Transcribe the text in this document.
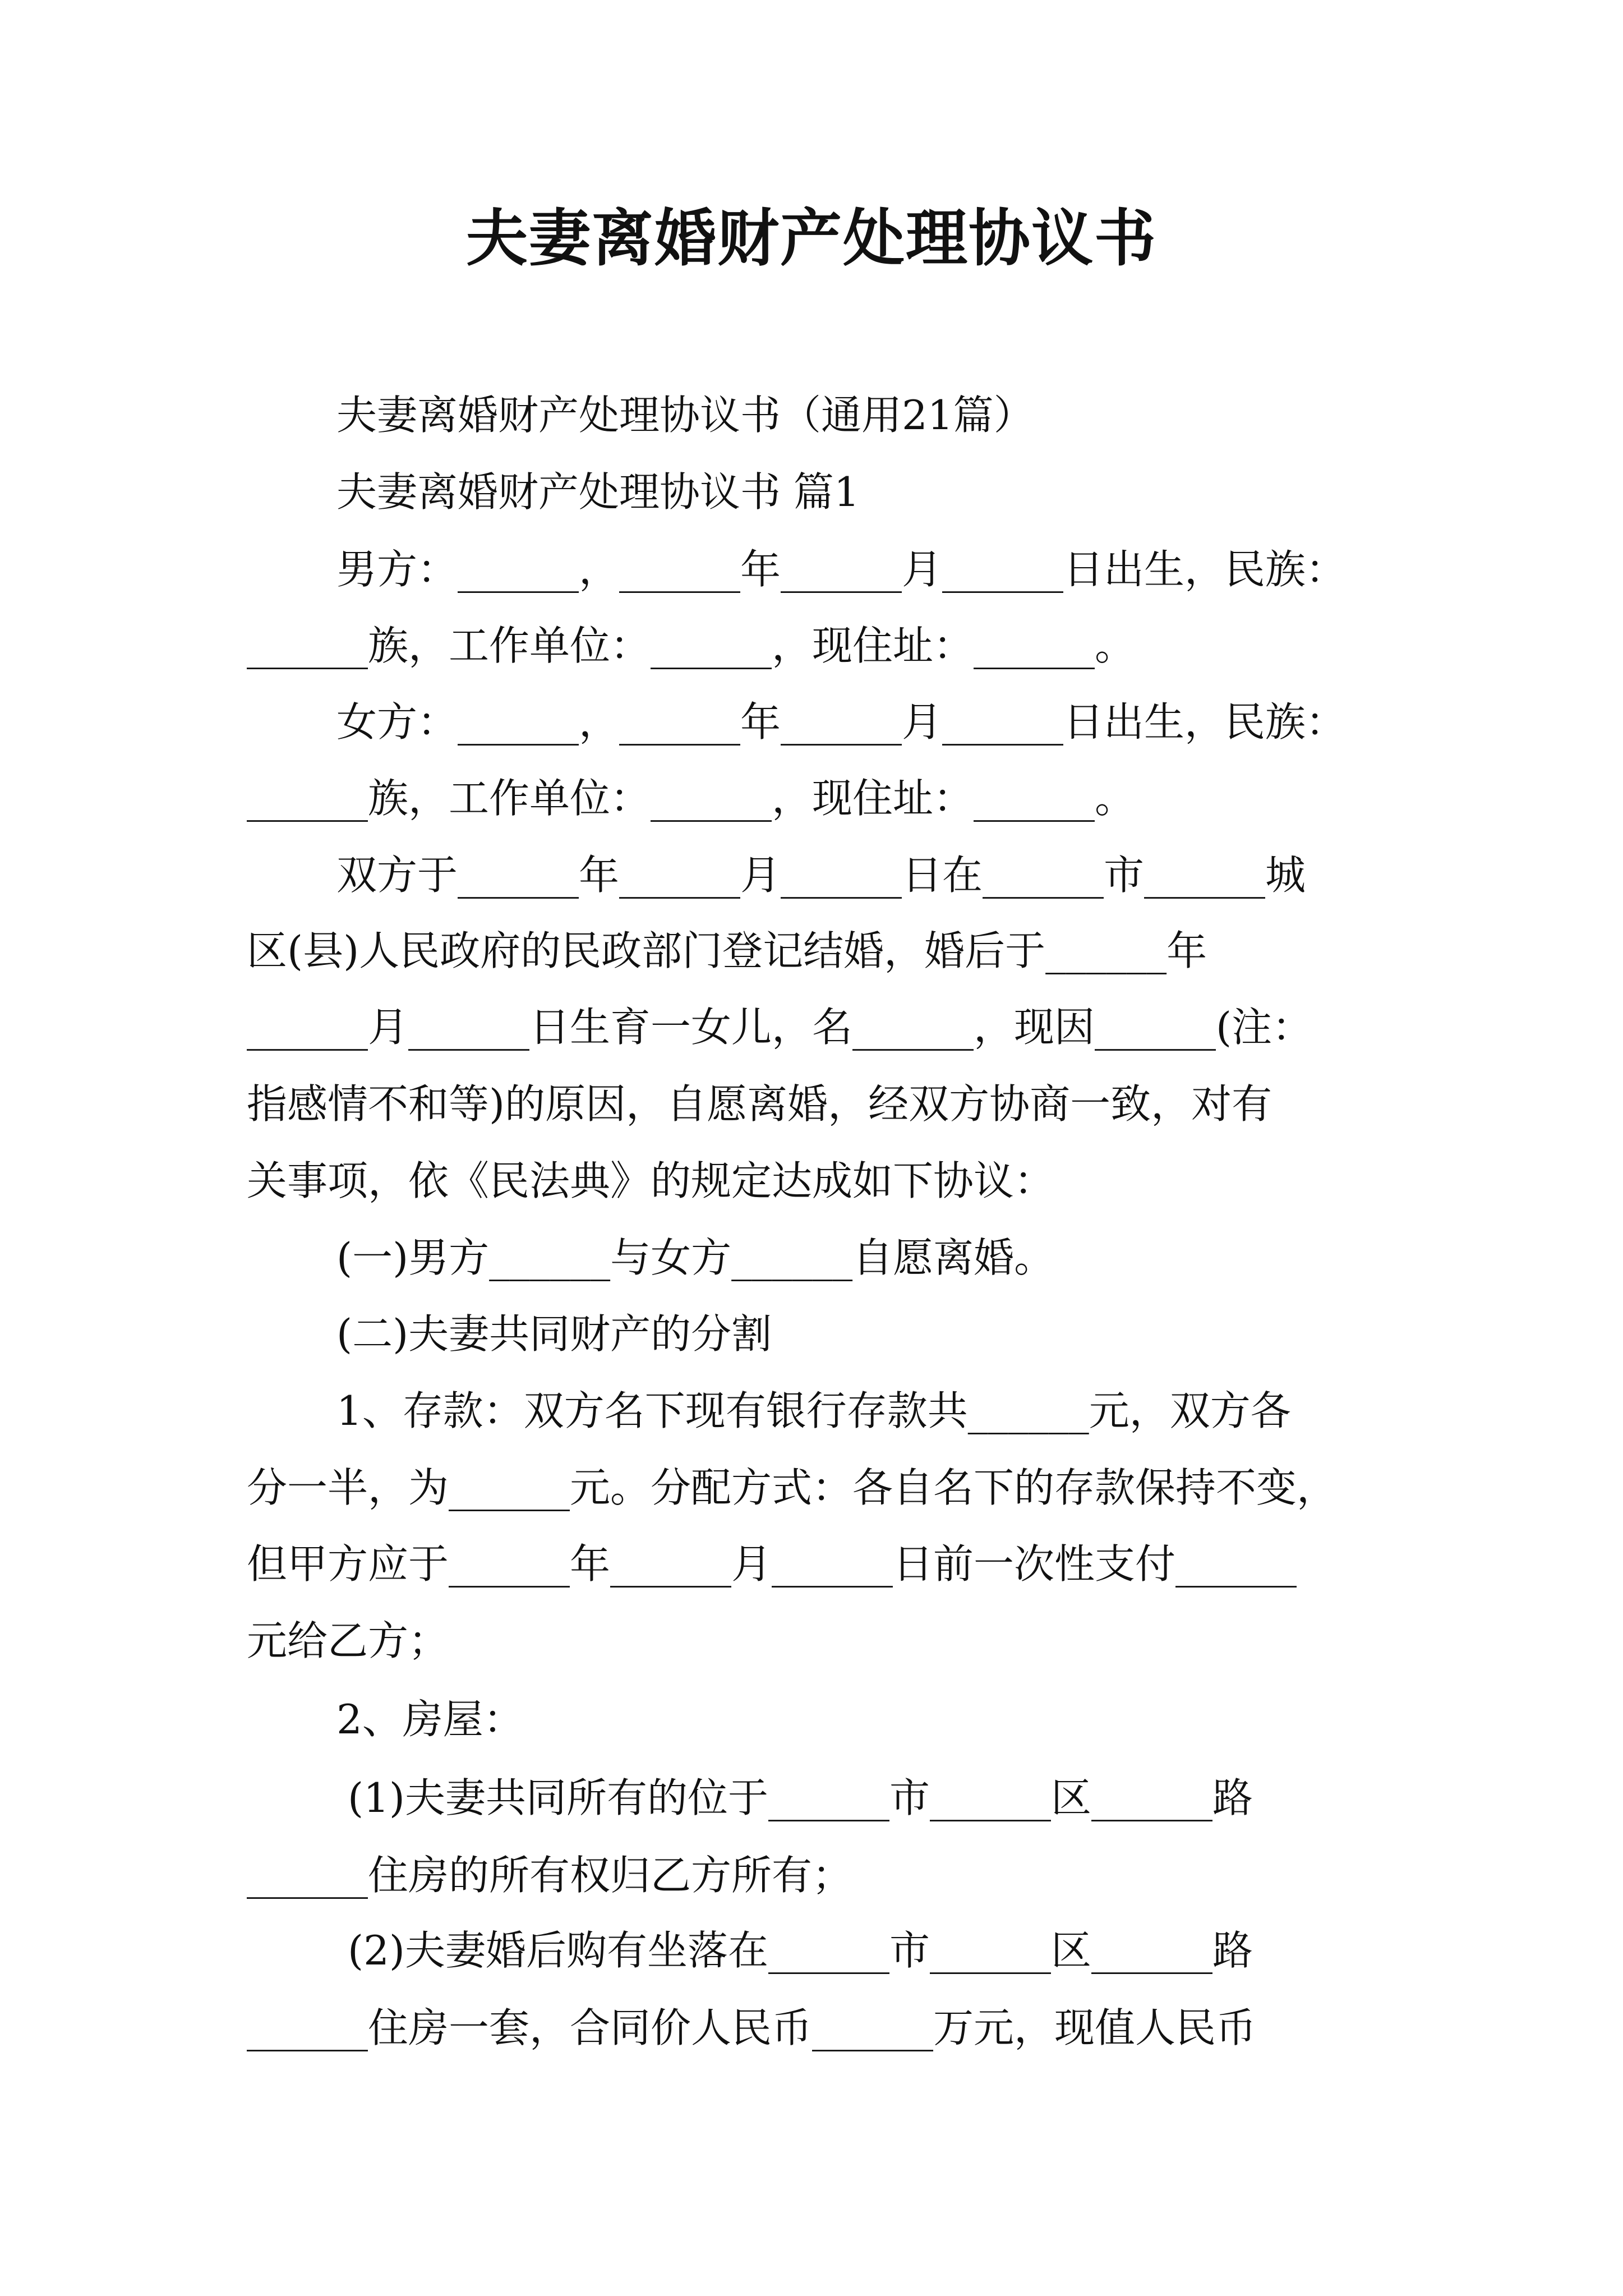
夫妻离婚财产处理协议书
夫妻离婚财产处理协议书（通用21篇）
夫妻离婚财产处理协议书 篇1
男方：______，______年______月______日出生，民族：
______族，工作单位：______，现住址：______。
女方：______，______年______月______日出生，民族：
______族，工作单位：______，现住址：______。
双方于______年______月______日在______市______城
区(县)人民政府的民政部门登记结婚，婚后于______年
______月______日生育一女儿，名______，现因______(注：
指感情不和等)的原因，自愿离婚，经双方协商一致，对有
关事项，依《民法典》的规定达成如下协议：
(一)男方______与女方______自愿离婚。
(二)夫妻共同财产的分割
1、存款：双方名下现有银行存款共______元，双方各
分一半，为______元。分配方式：各自名下的存款保持不变，
但甲方应于______年______月______日前一次性支付______
元给乙方；
2、房屋：
(1)夫妻共同所有的位于______市______区______路
______住房的所有权归乙方所有；
(2)夫妻婚后购有坐落在______市______区______路
______住房一套，合同价人民币______万元，现值人民币
